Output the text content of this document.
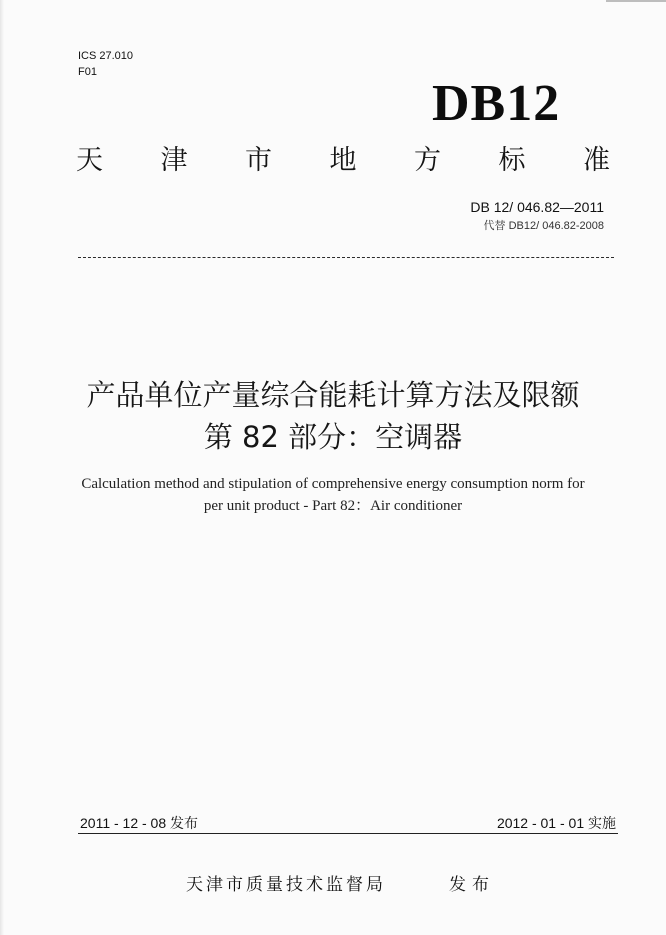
ICS 27.010
F01
DB12
天 津 市 地 方 标 准
DB 12/ 046.82—2011
代替 DB12/ 046.82-2008
产品单位产量综合能耗计算方法及限额
第 82 部分：空调器
Calculation method and stipulation of comprehensive energy consumption norm for
per unit product - Part 82：Air conditioner
2011 - 12 - 08 发布	2012 - 01 - 01 实施
天津市质量技术监督局	发布
